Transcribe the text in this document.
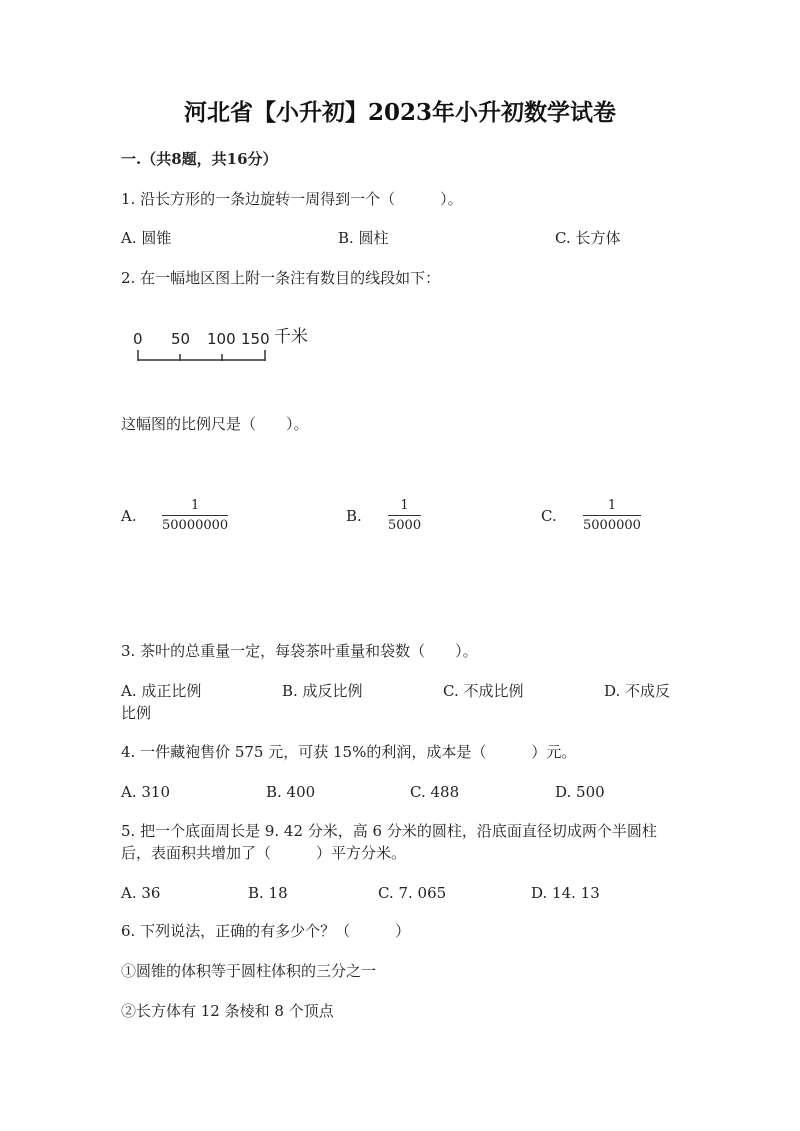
河北省【小升初】2023年小升初数学试卷
一.（共8题，共16分）
1. 沿长方形的一条边旋转一周得到一个（　　　）。
A. 圆锥	B. 圆柱	C. 长方体
2. 在一幅地区图上附一条注有数目的线段如下：
0 50 100 150 千米
这幅图的比例尺是（　　）。
A.
1
50000000
B.
1
5000
C.
1
5000000
3. 茶叶的总重量一定，每袋茶叶重量和袋数（　　）。
A. 成正比例	B. 成反比例	C. 不成比例	D. 不成反
比例
4. 一件藏袍售价 575 元，可获 15%的利润，成本是（　　　）元。
A. 310	B. 400	C. 488	D. 500
5. 把一个底面周长是 9. 42 分米，高 6 分米的圆柱，沿底面直径切成两个半圆柱
后，表面积共增加了（　　　）平方分米。
A. 36	B. 18	C. 7. 065	D. 14. 13
6. 下列说法，正确的有多少个？（　　　）
①圆锥的体积等于圆柱体积的三分之一
②长方体有 12 条棱和 8 个顶点
